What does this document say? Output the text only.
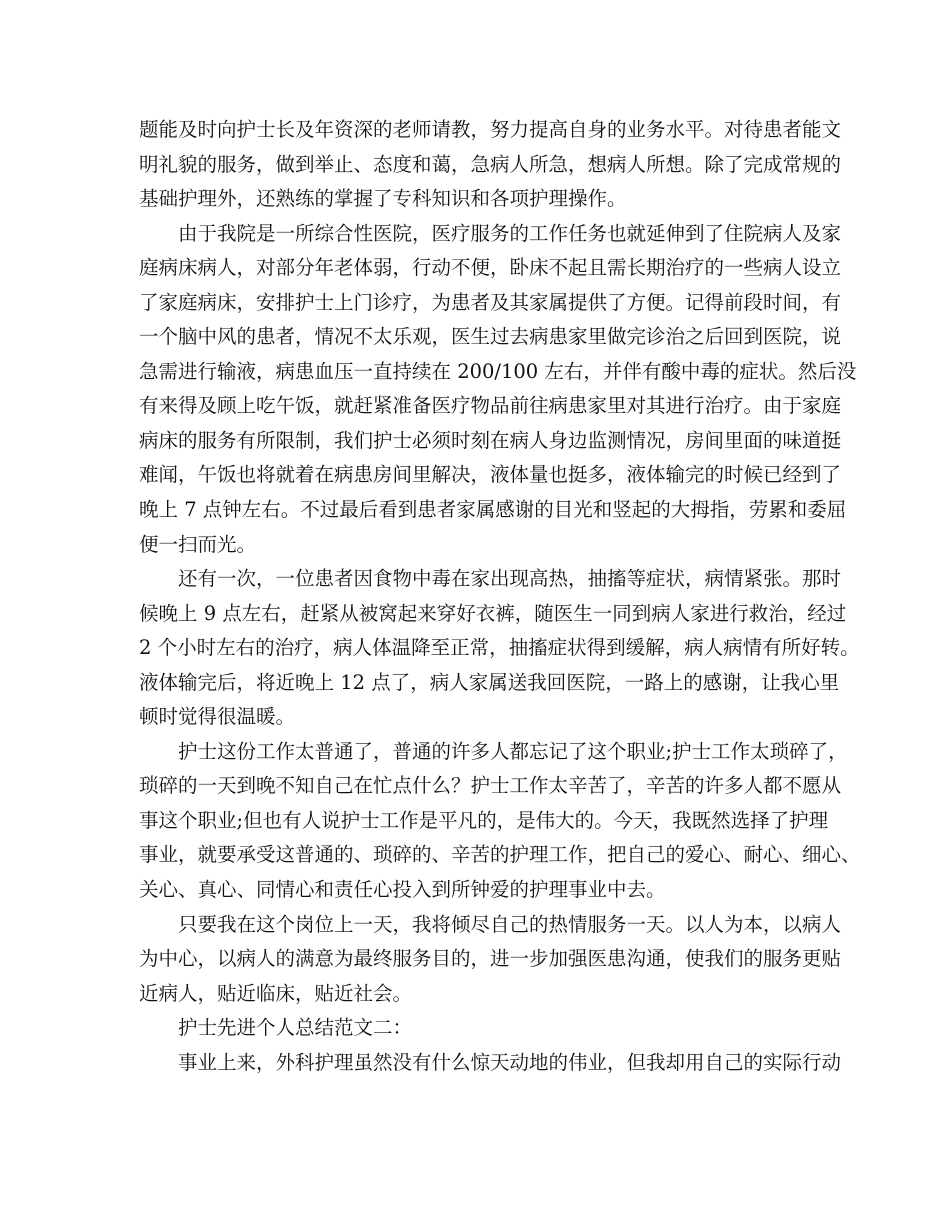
题能及时向护士长及年资深的老师请教，努力提高自身的业务水平。对待患者能文
明礼貌的服务，做到举止、态度和蔼，急病人所急，想病人所想。除了完成常规的
基础护理外，还熟练的掌握了专科知识和各项护理操作。
由于我院是一所综合性医院，医疗服务的工作任务也就延伸到了住院病人及家
庭病床病人，对部分年老体弱，行动不便，卧床不起且需长期治疗的一些病人设立
了家庭病床，安排护士上门诊疗，为患者及其家属提供了方便。记得前段时间，有
一个脑中风的患者，情况不太乐观，医生过去病患家里做完诊治之后回到医院，说
急需进行输液，病患血压一直持续在 200/100 左右，并伴有酸中毒的症状。然后没
有来得及顾上吃午饭，就赶紧准备医疗物品前往病患家里对其进行治疗。由于家庭
病床的服务有所限制，我们护士必须时刻在病人身边监测情况，房间里面的味道挺
难闻，午饭也将就着在病患房间里解决，液体量也挺多，液体输完的时候已经到了
晚上 7 点钟左右。不过最后看到患者家属感谢的目光和竖起的大拇指，劳累和委屈
便一扫而光。
还有一次，一位患者因食物中毒在家出现高热，抽搐等症状，病情紧张。那时
候晚上 9 点左右，赶紧从被窝起来穿好衣裤，随医生一同到病人家进行救治，经过
2 个小时左右的治疗，病人体温降至正常，抽搐症状得到缓解，病人病情有所好转。
液体输完后，将近晚上 12 点了，病人家属送我回医院，一路上的感谢，让我心里
顿时觉得很温暖。
护士这份工作太普通了，普通的许多人都忘记了这个职业;护士工作太琐碎了，
琐碎的一天到晚不知自己在忙点什么？护士工作太辛苦了，辛苦的许多人都不愿从
事这个职业;但也有人说护士工作是平凡的，是伟大的。今天，我既然选择了护理
事业，就要承受这普通的、琐碎的、辛苦的护理工作，把自己的爱心、耐心、细心、
关心、真心、同情心和责任心投入到所钟爱的护理事业中去。
只要我在这个岗位上一天，我将倾尽自己的热情服务一天。以人为本，以病人
为中心，以病人的满意为最终服务目的，进一步加强医患沟通，使我们的服务更贴
近病人，贴近临床，贴近社会。
护士先进个人总结范文二：
事业上来，外科护理虽然没有什么惊天动地的伟业，但我却用自己的实际行动
